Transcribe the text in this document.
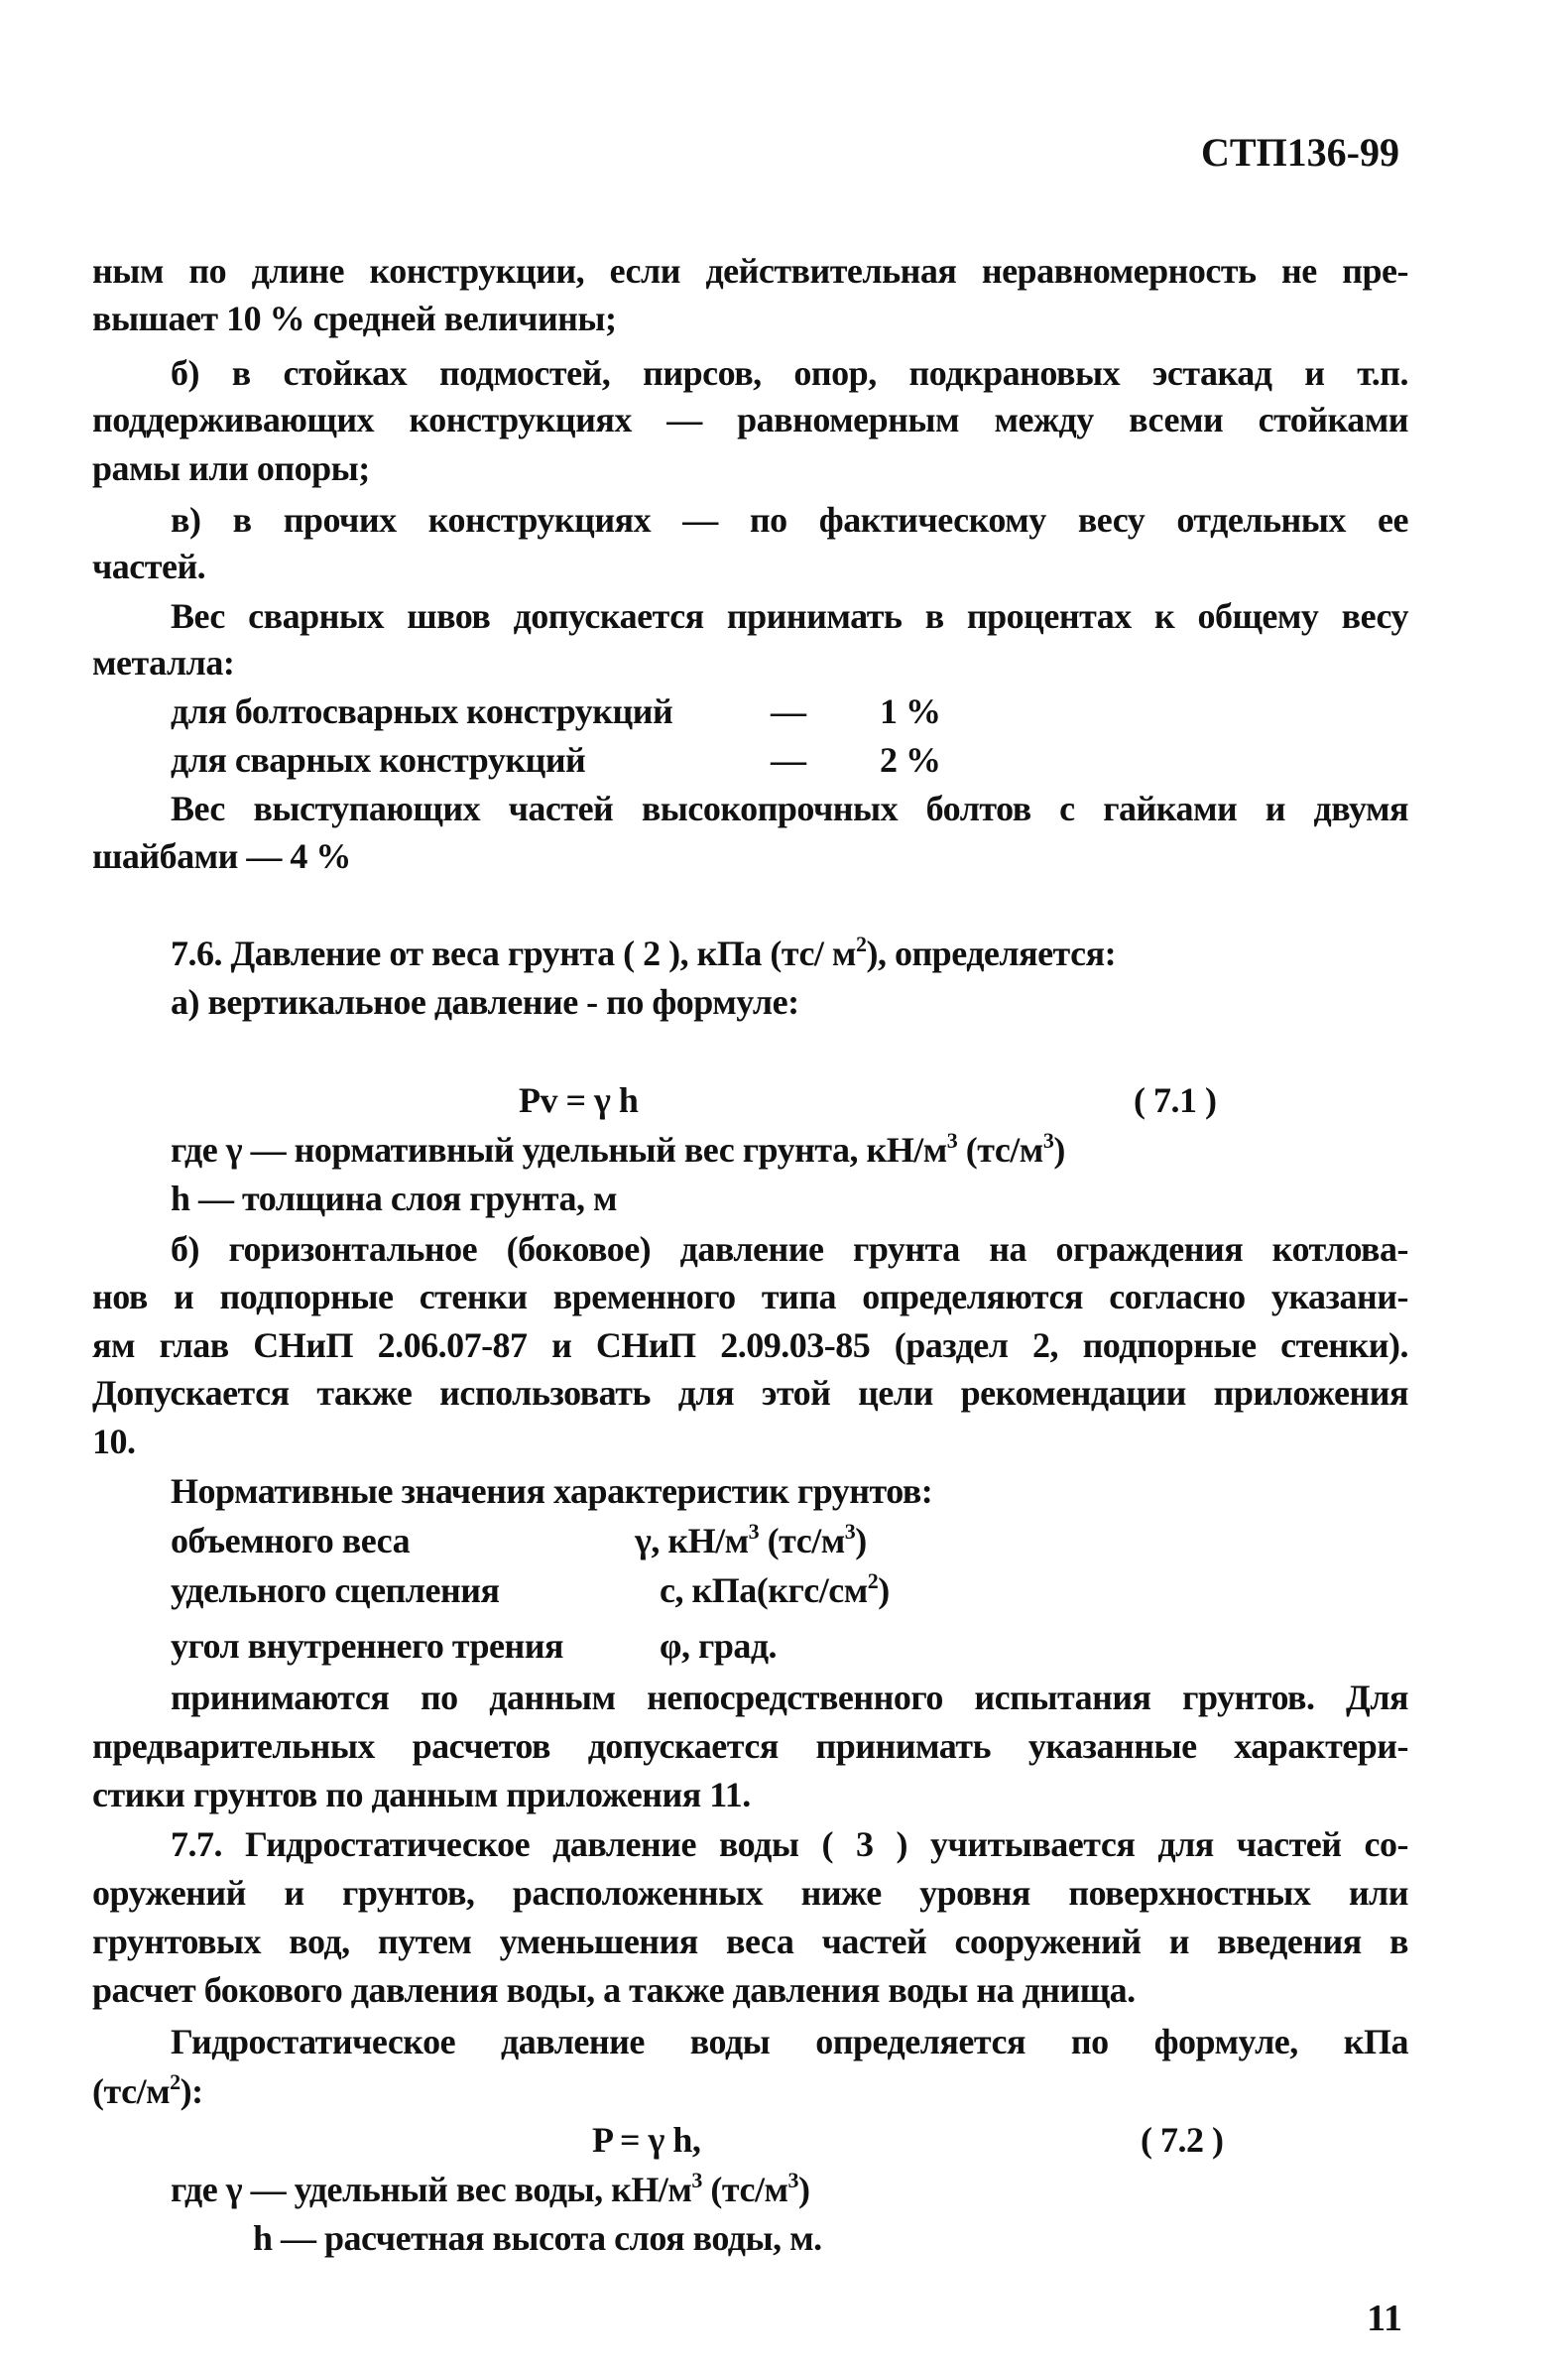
СТП136-99
ным по длине конструкции, если действительная неравномерность не пре-
вышает 10 % средней величины;
б) в стойках подмостей, пирсов, опор, подкрановых эстакад и т.п.
поддерживающих конструкциях — равномерным между всеми стойками
рамы или опоры;
в) в прочих конструкциях — по фактическому весу отдельных ее
частей.
Вес сварных швов допускается принимать в процентах к общему весу
металла:
для болтосварных конструкций	— 1 %
для сварных конструкций	— 2 %
Вес выступающих частей высокопрочных болтов с гайками и двумя
шайбами — 4 %
7.6. Давление от веса грунта ( 2 ), кПа (тс/ $м^2$), определяется:
а) вертикальное давление - по формуле:
Pv = γ h	( 7.1 )
где γ — нормативный удельный вес грунта, $кН/м^3$ $(тс/м^3)$
h — толщина слоя грунта, м
б) горизонтальное (боковое) давление грунта на ограждения котлова-
нов и подпорные стенки временного типа определяются согласно указани-
ям глав СНиП 2.06.07-87 и СНиП 2.09.03-85 (раздел 2, подпорные стенки).
Допускается также использовать для этой цели рекомендации приложения
10.
Нормативные значения характеристик грунтов:
объемного веса	γ, $кН/м^3$ $(тс/м^3)$
удельного сцепления	с, $кПа(кгс/см^2)$
угол внутреннего трения	φ, град.
принимаются по данным непосредственного испытания грунтов. Для
предварительных расчетов допускается принимать указанные характери-
стики грунтов по данным приложения 11.
7.7. Гидростатическое давление воды ( 3 ) учитывается для частей со-
оружений и грунтов, расположенных ниже уровня поверхностных или
грунтовых вод, путем уменьшения веса частей сооружений и введения в
расчет бокового давления воды, а также давления воды на днища.
Гидростатическое давление воды определяется по формуле, кПа
$(тс/м^2)$:
P = γ h,	( 7.2 )
где γ — удельный вес воды, $кН/м^3$ $(тс/м^3)$
h — расчетная высота слоя воды, м.
11
